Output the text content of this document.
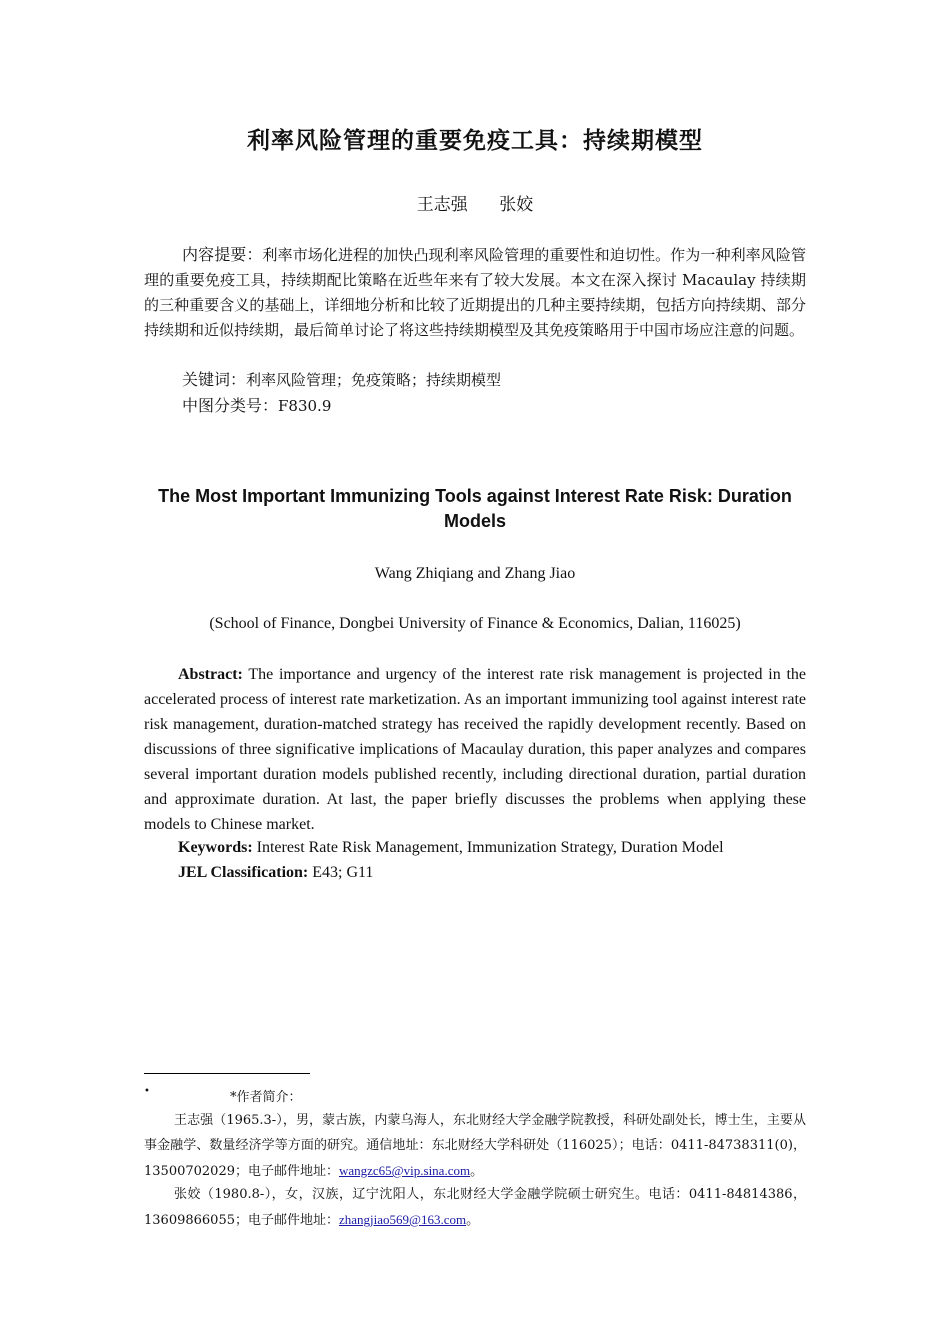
利率风险管理的重要免疫工具：持续期模型
王志强 张姣
内容提要：利率市场化进程的加快凸现利率风险管理的重要性和迫切性。作为一种利率风险管理的重要免疫工具，持续期配比策略在近些年来有了较大发展。本文在深入探讨 Macaulay 持续期的三种重要含义的基础上，详细地分析和比较了近期提出的几种主要持续期，包括方向持续期、部分持续期和近似持续期，最后简单讨论了将这些持续期模型及其免疫策略用于中国市场应注意的问题。
关键词：利率风险管理；免疫策略；持续期模型
中图分类号：F830.9
The Most Important Immunizing Tools against Interest Rate Risk: Duration Models
Wang Zhiqiang and Zhang Jiao
(School of Finance, Dongbei University of Finance & Economics, Dalian, 116025)
Abstract: The importance and urgency of the interest rate risk management is projected in the accelerated process of interest rate marketization. As an important immunizing tool against interest rate risk management, duration-matched strategy has received the rapidly development recently. Based on discussions of three significative implications of Macaulay duration, this paper analyzes and compares several important duration models published recently, including directional duration, partial duration and approximate duration. At last, the paper briefly discusses the problems when applying these models to Chinese market.
Keywords: Interest Rate Risk Management, Immunization Strategy, Duration Model
JEL Classification: E43; G11
•	*作者简介：
王志强（1965.3-），男，蒙古族，内蒙乌海人，东北财经大学金融学院教授，科研处副处长，博士生，主要从事金融学、数量经济学等方面的研究。通信地址：东北财经大学科研处（116025）；电话：0411-84738311(0)，13500702029；电子邮件地址：wangzc65@vip.sina.com。
张姣（1980.8-），女，汉族，辽宁沈阳人，东北财经大学金融学院硕士研究生。电话：0411-84814386，13609866055；电子邮件地址：zhangjiao569@163.com。
